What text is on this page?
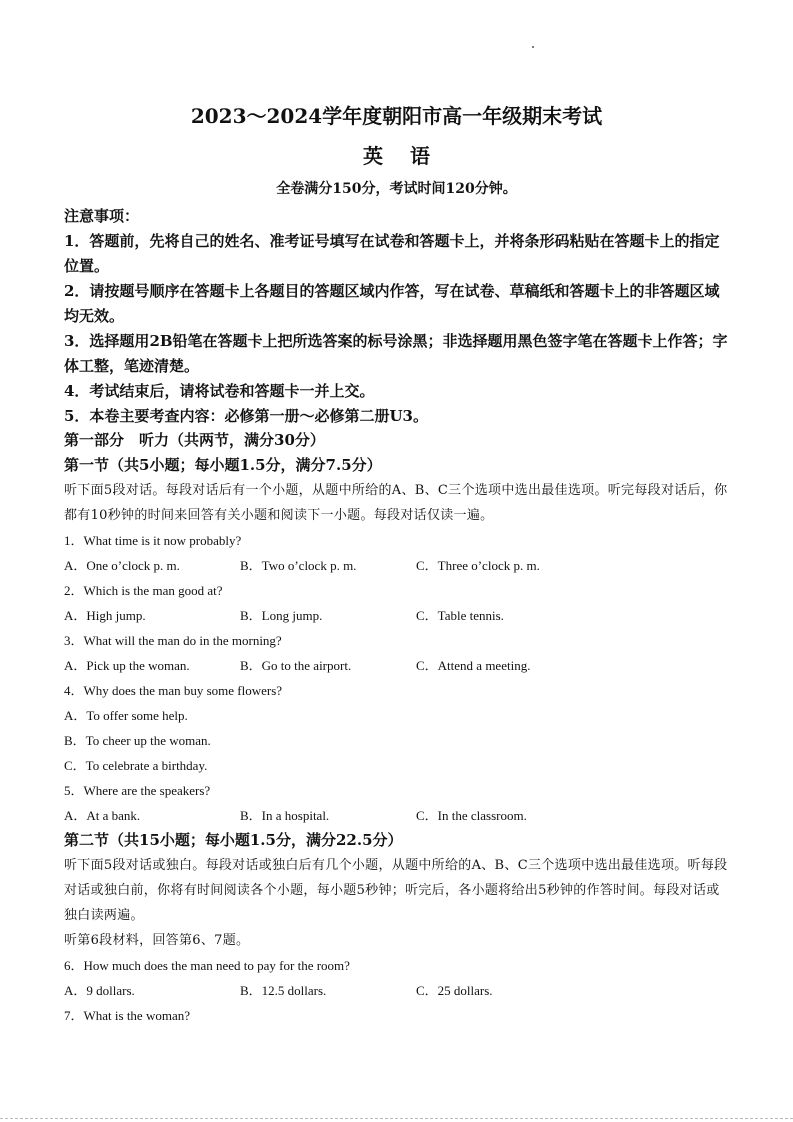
2023～2024学年度朝阳市高一年级期末考试
英 语
全卷满分150分，考试时间120分钟。
注意事项：
1．答题前，先将自己的姓名、准考证号填写在试卷和答题卡上，并将条形码粘贴在答题卡上的指定位置。
2．请按题号顺序在答题卡上各题目的答题区域内作答，写在试卷、草稿纸和答题卡上的非答题区域均无效。
3．选择题用2B铅笔在答题卡上把所选答案的标号涂黑；非选择题用黑色签字笔在答题卡上作答；字体工整，笔迹清楚。
4．考试结束后，请将试卷和答题卡一并上交。
5．本卷主要考查内容：必修第一册～必修第二册U3。
第一部分　听力（共两节，满分30分）
第一节（共5小题；每小题1.5分，满分7.5分）
听下面5段对话。每段对话后有一个小题，从题中所给的A、B、C三个选项中选出最佳选项。听完每段对话后，你都有10秒钟的时间来回答有关小题和阅读下一小题。每段对话仅读一遍。
1．What time is it now probably?
A．One o’clock p. m.	B．Two o’clock p. m.	C．Three o’clock p. m.
2．Which is the man good at?
A．High jump.	B．Long jump.	C．Table tennis.
3．What will the man do in the morning?
A．Pick up the woman.	B．Go to the airport.	C．Attend a meeting.
4．Why does the man buy some flowers?
A．To offer some help.
B．To cheer up the woman.
C．To celebrate a birthday.
5．Where are the speakers?
A．At a bank.	B．In a hospital.	C．In the classroom.
第二节（共15小题；每小题1.5分，满分22.5分）
听下面5段对话或独白。每段对话或独白后有几个小题，从题中所给的A、B、C三个选项中选出最佳选项。听每段对话或独白前，你将有时间阅读各个小题，每小题5秒钟；听完后，各小题将给出5秒钟的作答时间。每段对话或独白读两遍。
听第6段材料，回答第6、7题。
6．How much does the man need to pay for the room?
A．9 dollars.	B．12.5 dollars.	C．25 dollars.
7．What is the woman?
